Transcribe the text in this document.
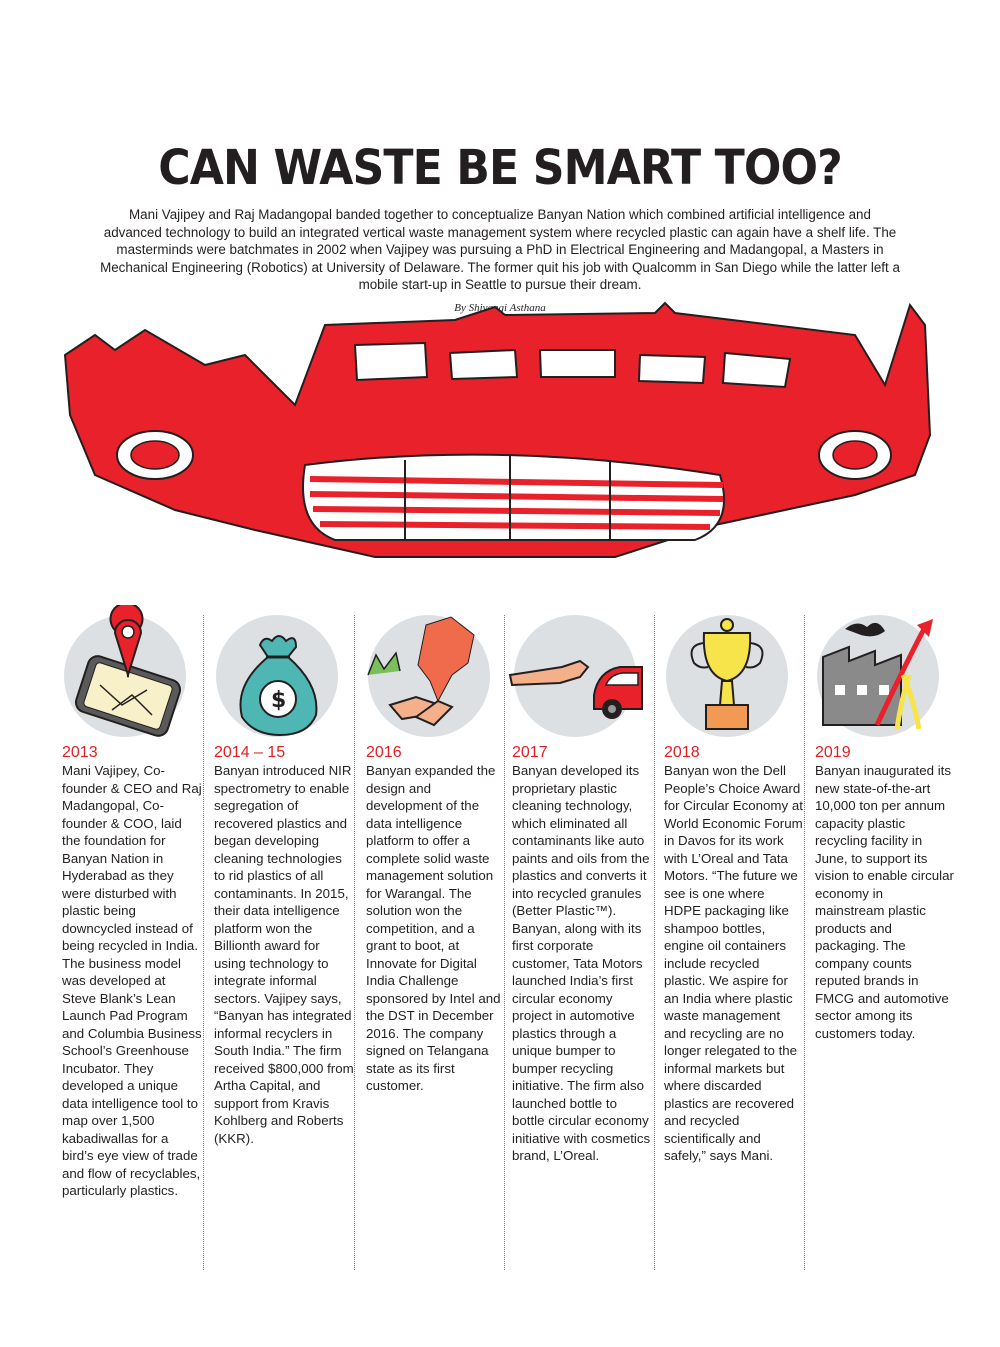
CAN WASTE BE SMART TOO?

Mani Vajipey and Raj Madangopal banded together to conceptualize Banyan Nation which combined artificial intelligence and advanced technology to build an integrated vertical waste management system where recycled plastic can again have a shelf life. The masterminds were batchmates in 2002 when Vajipey was pursuing a PhD in Electrical Engineering and Madangopal, a Masters in Mechanical Engineering (Robotics) at University of Delaware. The former quit his job with Qualcomm in San Diego while the latter left a mobile start-up in Seattle to pursue their dream.

By Shivangi Asthana

2013

Mani Vajipey, Co-founder & CEO and Raj Madangopal, Co-founder & COO, laid the foundation for Banyan Nation in Hyderabad as they were disturbed with plastic being downcycled instead of being recycled in India. The business model was developed at Steve Blank’s Lean Launch Pad Program and Columbia Business School’s Greenhouse Incubator. They developed a unique data intelligence tool to map over 1,500 kabadiwallas for a bird’s eye view of trade and flow of recyclables, particularly plastics.

$
2014 – 15

Banyan introduced NIR spectrometry to enable segregation of recovered plastics and began developing cleaning technologies to rid plastics of all contaminants. In 2015, their data intelligence platform won the Billionth award for using technology to integrate informal sectors. Vajipey says, “Banyan has integrated informal recyclers in South India.” The firm received $800,000 from Artha Capital, and support from Kravis Kohlberg and Roberts (KKR).

2016

Banyan expanded the design and development of the data intelligence platform to offer a complete solid waste management solution for Warangal. The solution won the competition, and a grant to boot, at Innovate for Digital India Challenge sponsored by Intel and the DST in December 2016. The company signed on Telangana state as its first customer.

2017

Banyan developed its proprietary plastic cleaning technology, which eliminated all contaminants like auto paints and oils from the plastics and converts it into recycled granules (Better Plastic™). Banyan, along with its first corporate customer, Tata Motors launched India’s first circular economy project in automotive plastics through a unique bumper to bumper recycling initiative. The firm also launched bottle to bottle circular economy initiative with cosmetics brand, L’Oreal.

2018

Banyan won the Dell People’s Choice Award for Circular Economy at World Economic Forum in Davos for its work with L’Oreal and Tata Motors. “The future we see is one where HDPE packaging like shampoo bottles, engine oil containers include recycled plastic. We aspire for an India where plastic waste management and recycling are no longer relegated to the informal markets but where discarded plastics are recovered and recycled scientifically and safely,” says Mani.

2019

Banyan inaugurated its new state-of-the-art 10,000 ton per annum capacity plastic recycling facility in June, to support its vision to enable circular economy in mainstream plastic products and packaging. The company counts reputed brands in FMCG and automotive sector among its customers today.
